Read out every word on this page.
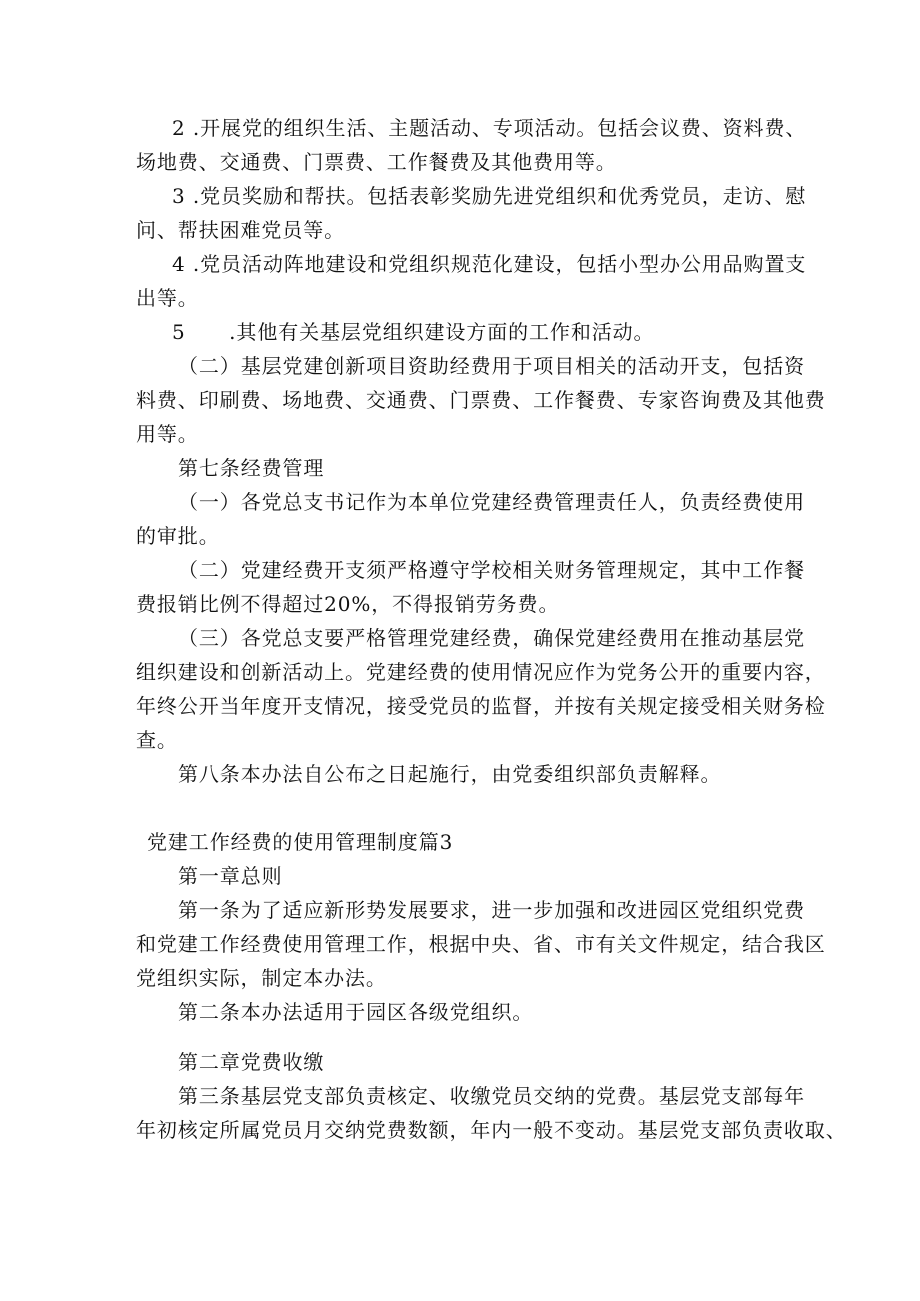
2 .开展党的组织生活、主题活动、专项活动。包括会议费、资料费、
场地费、交通费、门票费、工作餐费及其他费用等。
3 .党员奖励和帮扶。包括表彰奖励先进党组织和优秀党员，走访、慰
问、帮扶困难党员等。
4 .党员活动阵地建设和党组织规范化建设，包括小型办公用品购置支
出等。
5      .其他有关基层党组织建设方面的工作和活动。
（二）基层党建创新项目资助经费用于项目相关的活动开支，包括资
料费、印刷费、场地费、交通费、门票费、工作餐费、专家咨询费及其他费
用等。
第七条经费管理
（一）各党总支书记作为本单位党建经费管理责任人，负责经费使用
的审批。
（二）党建经费开支须严格遵守学校相关财务管理规定，其中工作餐
费报销比例不得超过20%，不得报销劳务费。
（三）各党总支要严格管理党建经费，确保党建经费用在推动基层党
组织建设和创新活动上。党建经费的使用情况应作为党务公开的重要内容，
年终公开当年度开支情况，接受党员的监督，并按有关规定接受相关财务检
查。
第八条本办法自公布之日起施行，由党委组织部负责解释。
党建工作经费的使用管理制度篇3
第一章总则
第一条为了适应新形势发展要求，进一步加强和改进园区党组织党费
和党建工作经费使用管理工作，根据中央、省、市有关文件规定，结合我区
党组织实际，制定本办法。
第二条本办法适用于园区各级党组织。
第二章党费收缴
第三条基层党支部负责核定、收缴党员交纳的党费。基层党支部每年
年初核定所属党员月交纳党费数额，年内一般不变动。基层党支部负责收取、
